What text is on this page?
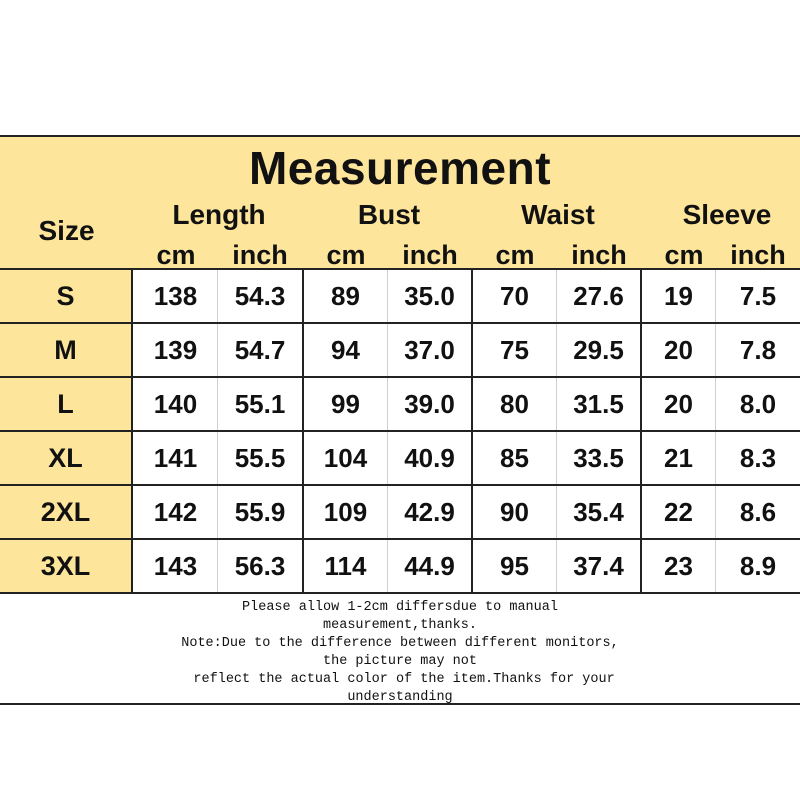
Measurement
Size
Length	Bust	Waist	Sleeve
cm	inch	cm	inch	cm	inch	cm inch
S	138	54.3	89	35.0	70	27.6	19	7.5
M	139	54.7	94	37.0	75	29.5	20	7.8
L	140	55.1	99	39.0	80	31.5	20	8.0
XL	141	55.5	104	40.9	85	33.5	21	8.3
2XL	142	55.9	109	42.9	90	35.4	22	8.6
3XL	143	56.3	114	44.9	95	37.4	23	8.9
Please allow 1-2cm differsdue to manual
measurement,thanks.
Note:Due to the difference between different monitors,
the picture may not
reflect the actual color of the item.Thanks for your
understanding
